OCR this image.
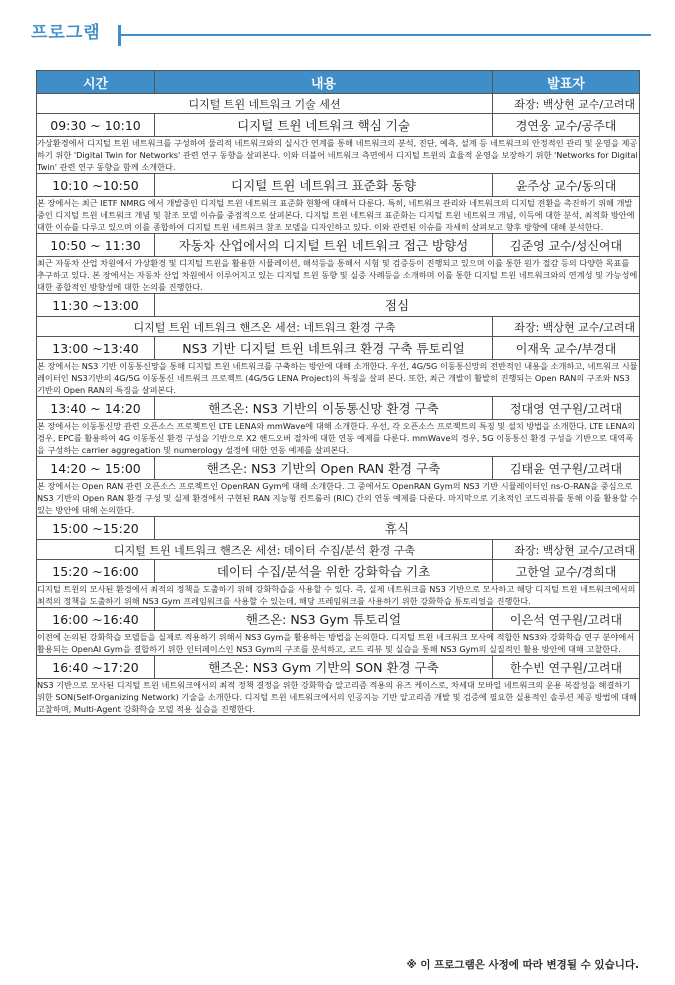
프로그램
시간	내용	발표자
디지털 트윈 네트워크 기술 세션		좌장: 백상현 교수/고려대
09:30 ~ 10:10	디지털 트윈 네트워크 핵심 기술	경연웅 교수/공주대
가상환경에서 디지털 트윈 네트워크를 구성하여 물리적 네트워크와의 실시간 연계를 통해 네트워크의 분석, 진단, 예측, 설계 등 네트워크의 안정적인 관리 및 운영을 제공하기 위한 'Digital Twin for Networks' 관련 연구 동향을 살펴본다. 이와 더불어 네트워크 측면에서 디지털 트윈의 효율적 운영을 보장하기 위한 'Networks for Digital Twin' 관련 연구 동향을 함께 소개한다.		
10:10 ~10:50	디지털 트윈 네트워크 표준화 동향	윤주상 교수/동의대
본 장에서는 최근 IETF NMRG 에서 개발중인 디지털 트윈 네트워크 표준화 현황에 대해서 다룬다. 특히, 네트워크 관리와 네트워크의 디지털 전환을 촉진하기 위해 개발 중인 디지털 트윈 네트워크 개념 및 참조 모델 이슈를 중점적으로 살펴본다. 디지털 트윈 네트워크 표준화는 디지털 트윈 네트워크 개념, 이득에 대한 분석, 최적화 방안에 대한 이슈를 다루고 있으며 이를 종합하여 디지털 트윈 네트워크 참조 모델을 디자인하고 있다. 이와 관련된 이슈를 자세히 살펴보고 향후 방향에 대해 분석한다.		
10:50 ~ 11:30	자동차 산업에서의 디지털 트윈 네트워크 접근 방향성	김준영 교수/성신여대
최근 자동차 산업 차원에서 가상환경 및 디지털 트윈을 활용한 시뮬레이션, 해석등을 통해서 시험 및 검증등이 진행되고 있으며 이를 통한 원가 절감 등의 다양한 목표를 추구하고 있다. 본 장에서는 자동차 산업 차원에서 이루어지고 있는 디지털 트윈 동향 및 실증 사례등을 소개하며 이를 통한 디지털 트윈 네트워크와의 연계성 및 가능성에 대한 종합적인 방향성에 대한 논의를 진행한다.		
11:30 ~13:00	점심	
디지털 트윈 네트워크 핸즈온 세션: 네트워크 환경 구축		좌장: 백상현 교수/고려대
13:00 ~13:40	NS3 기반 디지털 트윈 네트워크 환경 구축 튜토리얼	이재욱 교수/부경대
본 장에서는 NS3 기반 이동통신망을 통해 디지털 트윈 네트워크를 구축하는 방안에 대해 소개한다. 우선, 4G/5G 이동통신망의 전반적인 내용을 소개하고, 네트워크 시뮬레이터인 NS3기반의 4G/5G 이동통신 네트워크 프로젝트 (4G/5G LENA Project)의 특징을 살펴 본다. 또한, 최근 개발이 활발히 진행되는 Open RAN의 구조와 NS3 기반의 Open RAN의 특징을 살펴본다.		
13:40 ~ 14:20	핸즈온: NS3 기반의 이동통신망 환경 구축	정대영 연구원/고려대
본 장에서는 이동통신망 관련 오픈소스 프로젝트인 LTE LENA와 mmWave에 대해 소개한다. 우선, 각 오픈소스 프로젝트의 특징 및 설치 방법을 소개한다. LTE LENA의 경우, EPC를 활용하여 4G 이동통신 환경 구성을 기반으로 X2 핸드오버 절차에 대한 연동 예제를 다룬다. mmWave의 경우, 5G 이동통신 환경 구성을 기반으로 대역폭을 구성하는 carrier aggregation 및 numerology 설정에 대한 연동 예제를 살펴본다.		
14:20 ~ 15:00	핸즈온: NS3 기반의 Open RAN 환경 구축	김태윤 연구원/고려대
본 장에서는 Open RAN 관련 오픈소스 프로젝트인 OpenRAN Gym에 대해 소개한다. 그 중에서도 OpenRAN Gym의 NS3 기반 시뮬레이터인 ns-O-RAN을 중심으로 NS3 기반의 Open RAN 환경 구성 및 실제 환경에서 구현된 RAN 지능형 컨트롤러 (RIC) 간의 연동 예제를 다룬다. 마지막으로 기초적인 코드리뷰를 통해 이를 활용할 수 있는 방안에 대해 논의한다.		
15:00 ~15:20	휴식	
디지털 트윈 네트워크 핸즈온 세션: 데이터 수집/분석 환경 구축		좌장: 백상현 교수/고려대
15:20 ~16:00	데이터 수집/분석을 위한 강화학습 기초	고한얼 교수/경희대
디지털 트윈의 모사된 환경에서 최적의 정책을 도출하기 위해 강화학습을 사용할 수 있다. 즉, 실제 네트워크를 NS3 기반으로 모사하고 해당 디지털 트윈 네트워크에서의 최적의 정책을 도출하기 위해 NS3 Gym 프레임워크를 사용할 수 있는데, 해당 프레임워크를 사용하기 위한 강화학습 튜토리얼을 진행한다.		
16:00 ~16:40	핸즈온: NS3 Gym 튜토리얼	이은석 연구원/고려대
이전에 논의된 강화학습 모델들을 실제로 적용하기 위해서 NS3 Gym을 활용하는 방법을 논의한다. 디지털 트윈 네크워크 모사에 적합한 NS3와 강화학습 연구 분야에서 활용되는 OpenAI Gym을 결합하기 위한 인터페이스인 NS3 Gym의 구조를 분석하고, 코드 리뷰 및 실습을 통해 NS3 Gym의 실질적인 활용 방안에 대해 고찰한다.		
16:40 ~17:20	핸즈온: NS3 Gym 기반의 SON 환경 구축	한수빈 연구원/고려대
NS3 기반으로 모사된 디지털 트윈 네트워크에서의 최적 정책 결정을 위한 강화학습 알고리즘 적용의 유즈 케이스로, 차세대 모바일 네트워크의 운용 복잡성을 해결하기 위한 SON(Self-Organizing Network) 기술을 소개한다. 디지털 트윈 네트워크에서의 인공지능 기반 알고리즘 개발 및 검증에 필요한 실용적인 솔루션 제공 방법에 대해 고찰하며, Multi-Agent 강화학습 모델 적용 실습을 진행한다.		
※ 이 프로그램은 사정에 따라 변경될 수 있습니다.
